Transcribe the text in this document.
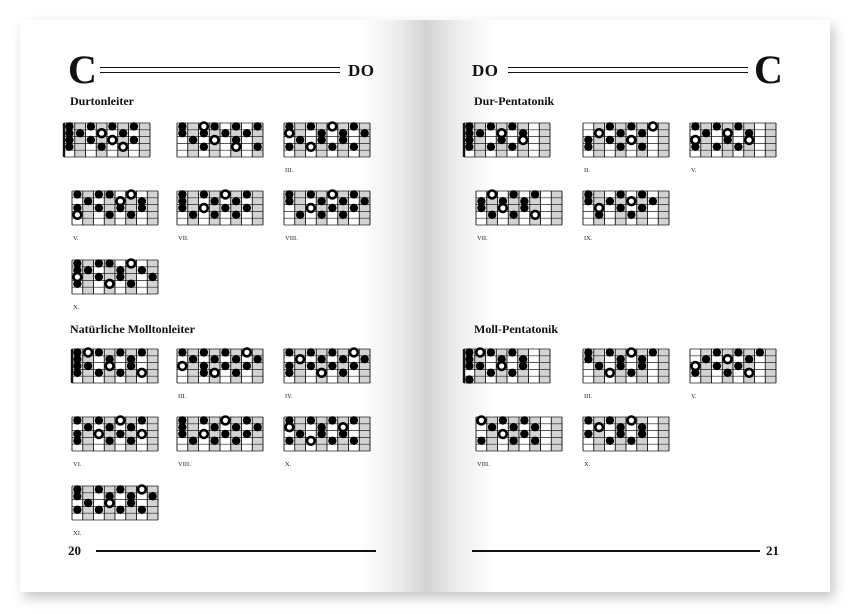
C	DO
Durtonleiter
Natürliche Molltonleiter
III.
V.	VII.	VIII.
X.
III.	IV.
VI.	VIII.	X.
XI.
20
DO	C
Dur-Pentatonik
Moll-Pentatonik
II.	V.
VII.	IX.
III.	V.
VIII.	X.
21
